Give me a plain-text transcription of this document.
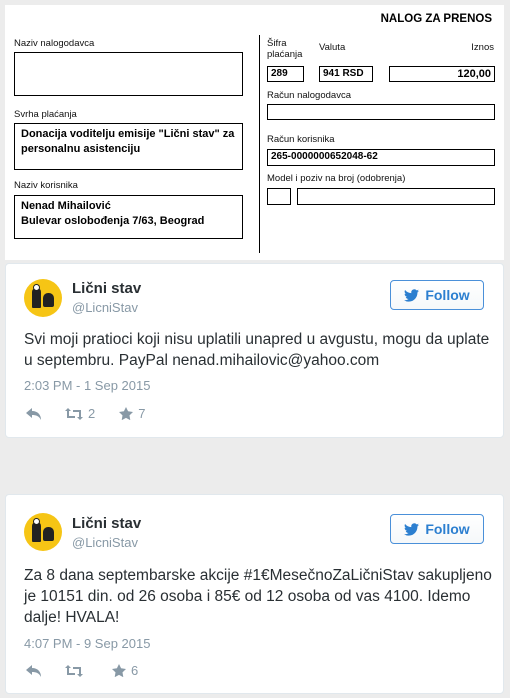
NALOG ZA PRENOS
Naziv nalogodavca
Svrha plaćanja
Donacija voditelju emisije "Lični stav" za personalnu asistenciju
Naziv korisnika
Nenad Mihailović
Bulevar oslobođenja 7/63, Beograd
Šifra
plaćanja
Valuta	Iznos
289	941 RSD	120,00
Račun nalogodavca
Račun korisnika
265-0000000652048-62
Model i poziv na broj (odobrenja)
Lični stav
@LicniStav
Follow
Svi moji pratioci koji nisu uplatili unapred u avgustu, mogu da uplate u septembru. PayPal nenad.mihailovic@yahoo.com
2:03 PM - 1 Sep 2015
2	7
Lični stav
@LicniStav
Follow
Za 8 dana septembarske akcije #1€MesečnoZaLičniStav sakupljeno je 10151 din. od 26 osoba i 85€ od 12 osoba od vas 4100. Idemo dalje! HVALA!
4:07 PM - 9 Sep 2015
6
